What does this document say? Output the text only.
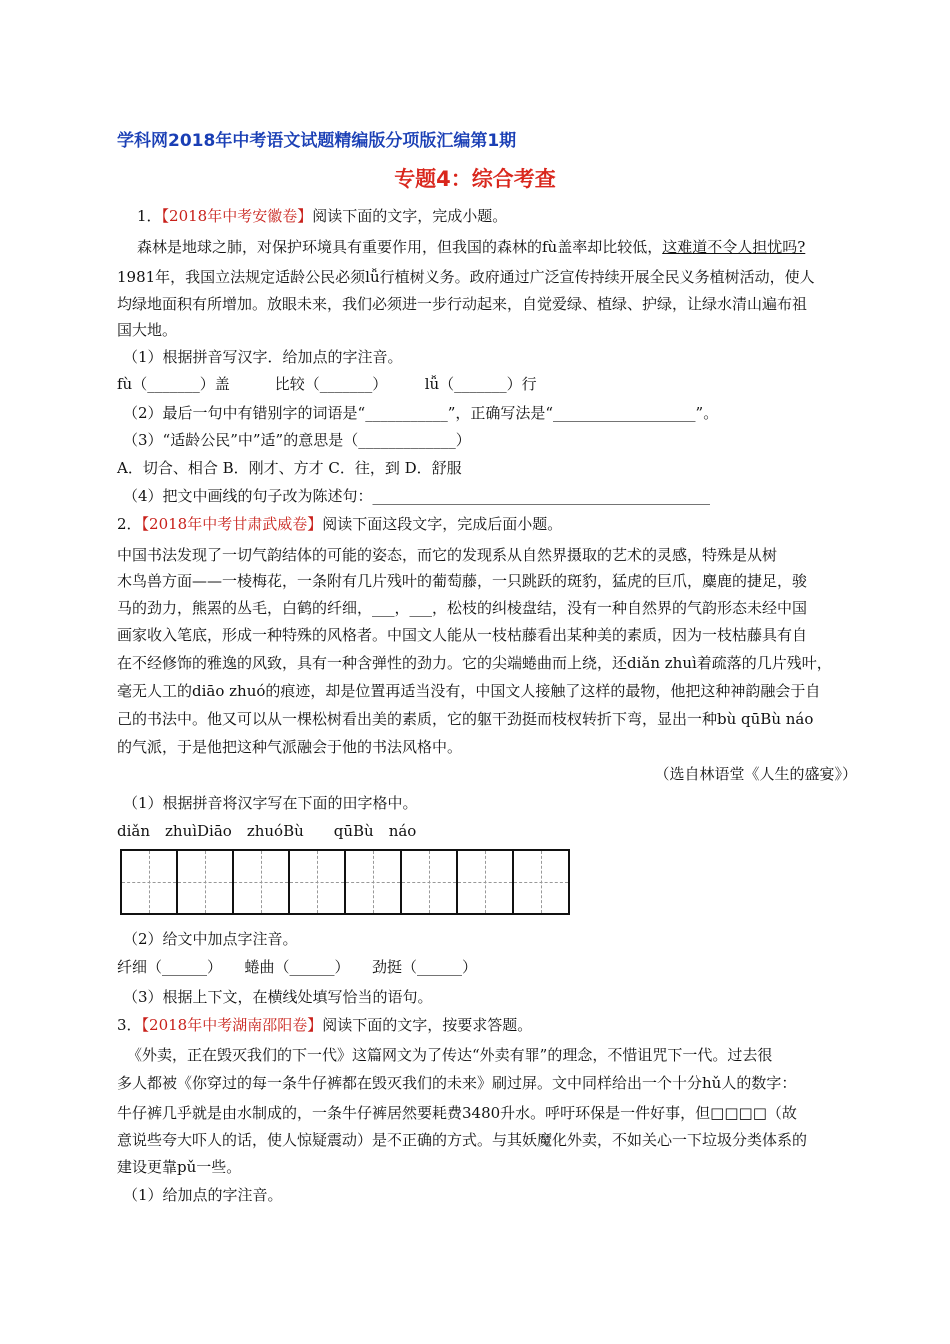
学科网2018年中考语文试题精编版分项版汇编第1期
专题4：综合考查
1．【2018年中考安徽卷】阅读下面的文字，完成小题。
森林是地球之肺，对保护环境具有重要作用，但我国的森林的fù盖率却比较低，这难道不令人担忧吗?
1981年，我国立法规定适龄公民必须lǚ行植树义务。政府通过广泛宣传持续开展全民义务植树活动，使人
均绿地面积有所增加。放眼未来，我们必须进一步行动起来，自觉爱绿、植绿、护绿，让绿水清山遍布祖
国大地。
（1）根据拼音写汉字．给加点的字注音。
fù（_______）盖　　　比较（_______）　　　lǚ（_______）行
（2）最后一句中有错别字的词语是“___________”，正确写法是“___________________”。
（3）“适龄公民”中”适”的意思是（_____________）
A．切合、相合 B．刚才、方才 C．往，到 D．舒服
（4）把文中画线的句子改为陈述句：_____________________________________________
2．【2018年中考甘肃武威卷】阅读下面这段文字，完成后面小题。
中国书法发现了一切气韵结体的可能的姿态，而它的发现系从自然界摄取的艺术的灵感，特殊是从树
木鸟兽方面——一棱梅花，一条附有几片残叶的葡萄藤，一只跳跃的斑豹，猛虎的巨爪，麋鹿的捷足，骏
马的劲力，熊罴的丛毛，白鹤的纤细，___，___，松枝的纠棱盘结，没有一种自然界的气韵形态未经中国
画家收入笔底，形成一种特殊的风格者。中国文人能从一枝枯藤看出某种美的素质，因为一枝枯藤具有自
在不经修饰的雅逸的风致，具有一种含弹性的劲力。它的尖端蜷曲而上绕，还diǎn zhuì着疏落的几片残叶，
毫无人工的diāo zhuó的痕迹，却是位置再适当没有，中国文人接触了这样的最物，他把这种神韵融会于自
己的书法中。他又可以从一棵松树看出美的素质，它的躯干劲挺而枝杈转折下弯，显出一种bù qūBù náo
的气派，于是他把这种气派融会于他的书法风格中。
（选自林语堂《人生的盛宴》）
（1）根据拼音将汉字写在下面的田字格中。
diǎn　zhuìDiāo　zhuóBù　　qūBù　náo
（2）给文中加点字注音。
纤细（______）　　蜷曲（______）　　劲挺（______）
（3）根据上下文，在横线处填写恰当的语句。
3．【2018年中考湖南邵阳卷】阅读下面的文字，按要求答题。
《外卖，正在毁灭我们的下一代》这篇网文为了传达“外卖有罪”的理念，不惜诅咒下一代。过去很
多人都被《你穿过的每一条牛仔裤都在毁灭我们的未来》刷过屏。文中同样给出一个十分hǔ人的数字：
牛仔裤几乎就是由水制成的，一条牛仔裤居然要耗费3480升水。呼吁环保是一件好事，但□□□□（故
意说些夸大吓人的话，使人惊疑震动）是不正确的方式。与其妖魔化外卖，不如关心一下垃圾分类体系的
建设更靠pǔ一些。
（1）给加点的字注音。
